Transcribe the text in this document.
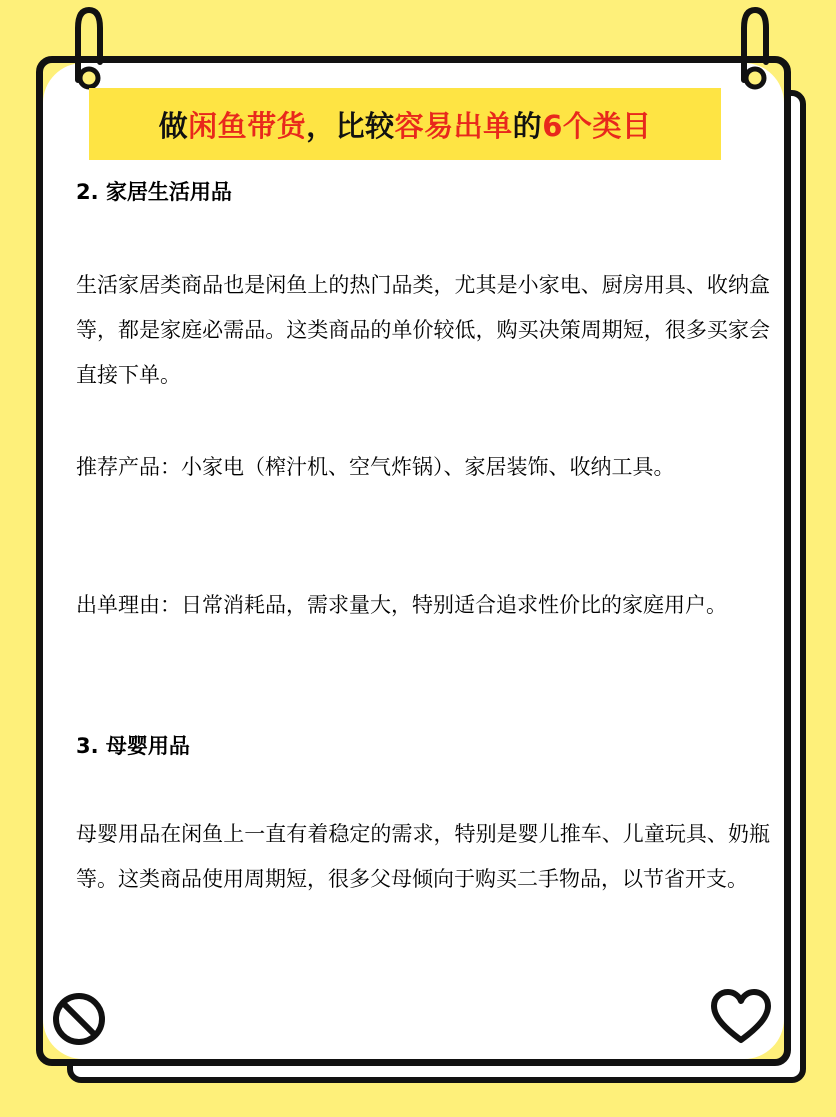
做 闲鱼带货 ，比较 容易出单 的 6个类目

2. 家居生活用品

生活家居类商品也是闲鱼上的热门品类，尤其是小家电、厨房用具、收纳盒等，都是家庭必需品。这类商品的单价较低，购买决策周期短，很多买家会直接下单。

推荐产品：小家电（榨汁机、空气炸锅）、家居装饰、收纳工具。

出单理由：日常消耗品，需求量大，特别适合追求性价比的家庭用户。

3. 母婴用品

母婴用品在闲鱼上一直有着稳定的需求，特别是婴儿推车、儿童玩具、奶瓶等。这类商品使用周期短，很多父母倾向于购买二手物品，以节省开支。
